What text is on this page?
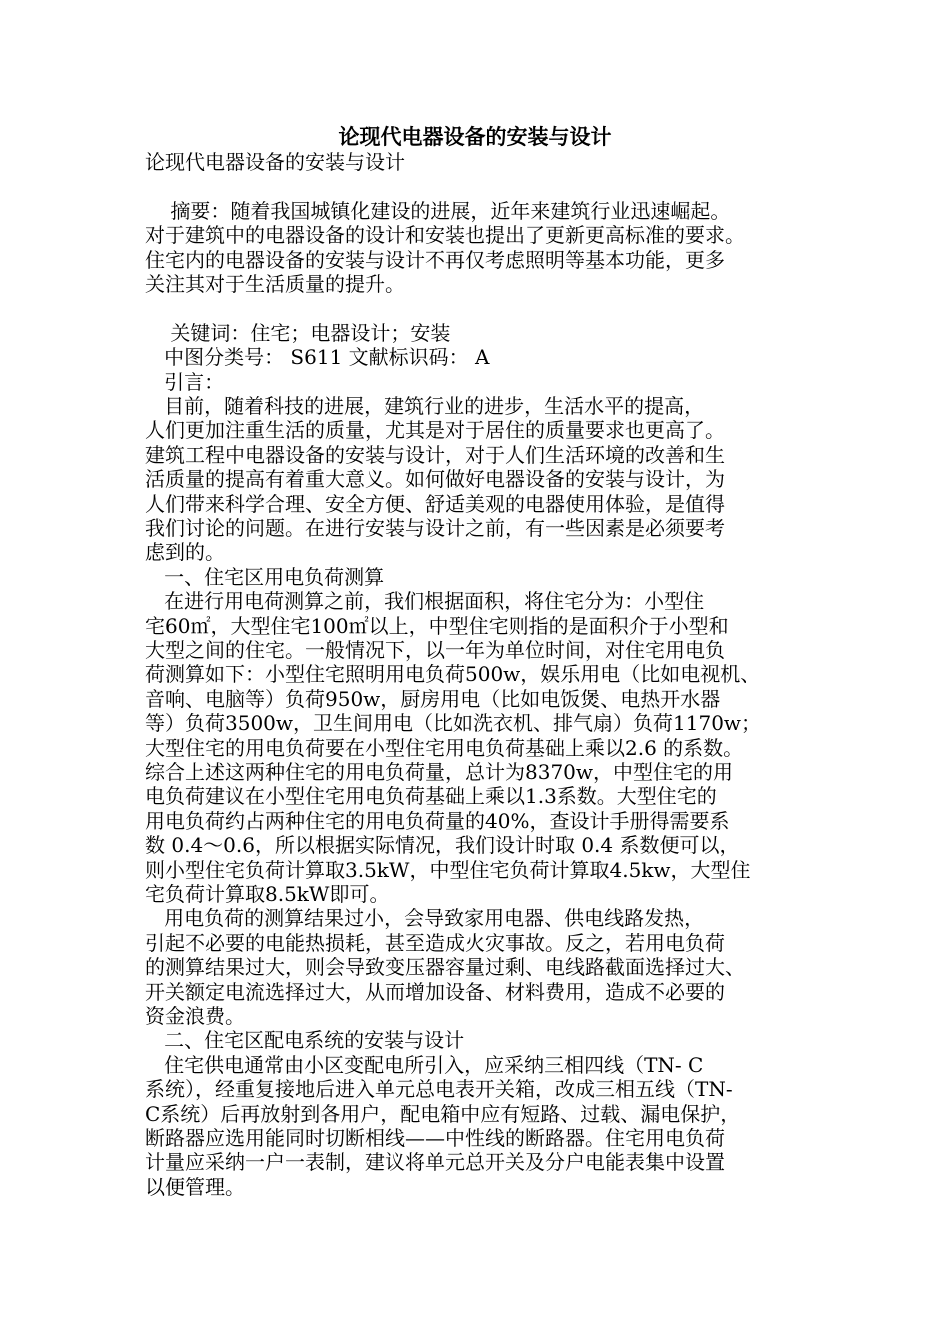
论现代电器设备的安装与设计
论现代电器设备的安装与设计
摘要：随着我国城镇化建设的进展，近年来建筑行业迅速崛起。
对于建筑中的电器设备的设计和安装也提出了更新更高标准的要求。
住宅内的电器设备的安装与设计不再仅考虑照明等基本功能，更多
关注其对于生活质量的提升。
关键词：住宅；电器设计；安装
中图分类号： S611 文献标识码： A
引言：
目前，随着科技的进展，建筑行业的进步，生活水平的提高，
人们更加注重生活的质量，尤其是对于居住的质量要求也更高了。
建筑工程中电器设备的安装与设计，对于人们生活环境的改善和生
活质量的提高有着重大意义。如何做好电器设备的安装与设计，为
人们带来科学合理、安全方便、舒适美观的电器使用体验，是值得
我们讨论的问题。在进行安装与设计之前，有一些因素是必须要考
虑到的。
一、住宅区用电负荷测算
在进行用电荷测算之前，我们根据面积，将住宅分为：小型住
宅60㎡，大型住宅100㎡以上，中型住宅则指的是面积介于小型和
大型之间的住宅。一般情况下，以一年为单位时间，对住宅用电负
荷测算如下：小型住宅照明用电负荷500w，娱乐用电（比如电视机、
音响、电脑等）负荷950w，厨房用电（比如电饭煲、电热开水器
等）负荷3500w，卫生间用电（比如洗衣机、排气扇）负荷1170w；
大型住宅的用电负荷要在小型住宅用电负荷基础上乘以2.6 的系数。
综合上述这两种住宅的用电负荷量，总计为8370w，中型住宅的用
电负荷建议在小型住宅用电负荷基础上乘以1.3系数。大型住宅的
用电负荷约占两种住宅的用电负荷量的40%，查设计手册得需要系
数 0.4～0.6，所以根据实际情况，我们设计时取 0.4 系数便可以，
则小型住宅负荷计算取3.5kW，中型住宅负荷计算取4.5kw，大型住
宅负荷计算取8.5kW即可。
用电负荷的测算结果过小，会导致家用电器、供电线路发热，
引起不必要的电能热损耗，甚至造成火灾事故。反之，若用电负荷
的测算结果过大，则会导致变压器容量过剩、电线路截面选择过大、
开关额定电流选择过大，从而增加设备、材料费用，造成不必要的
资金浪费。
二、住宅区配电系统的安装与设计
住宅供电通常由小区变配电所引入，应采纳三相四线（TN- C
系统），经重复接地后进入单元总电表开关箱，改成三相五线（TN-
C系统）后再放射到各用户，配电箱中应有短路、过载、漏电保护，
断路器应选用能同时切断相线——中性线的断路器。住宅用电负荷
计量应采纳一户一表制，建议将单元总开关及分户电能表集中设置
以便管理。
